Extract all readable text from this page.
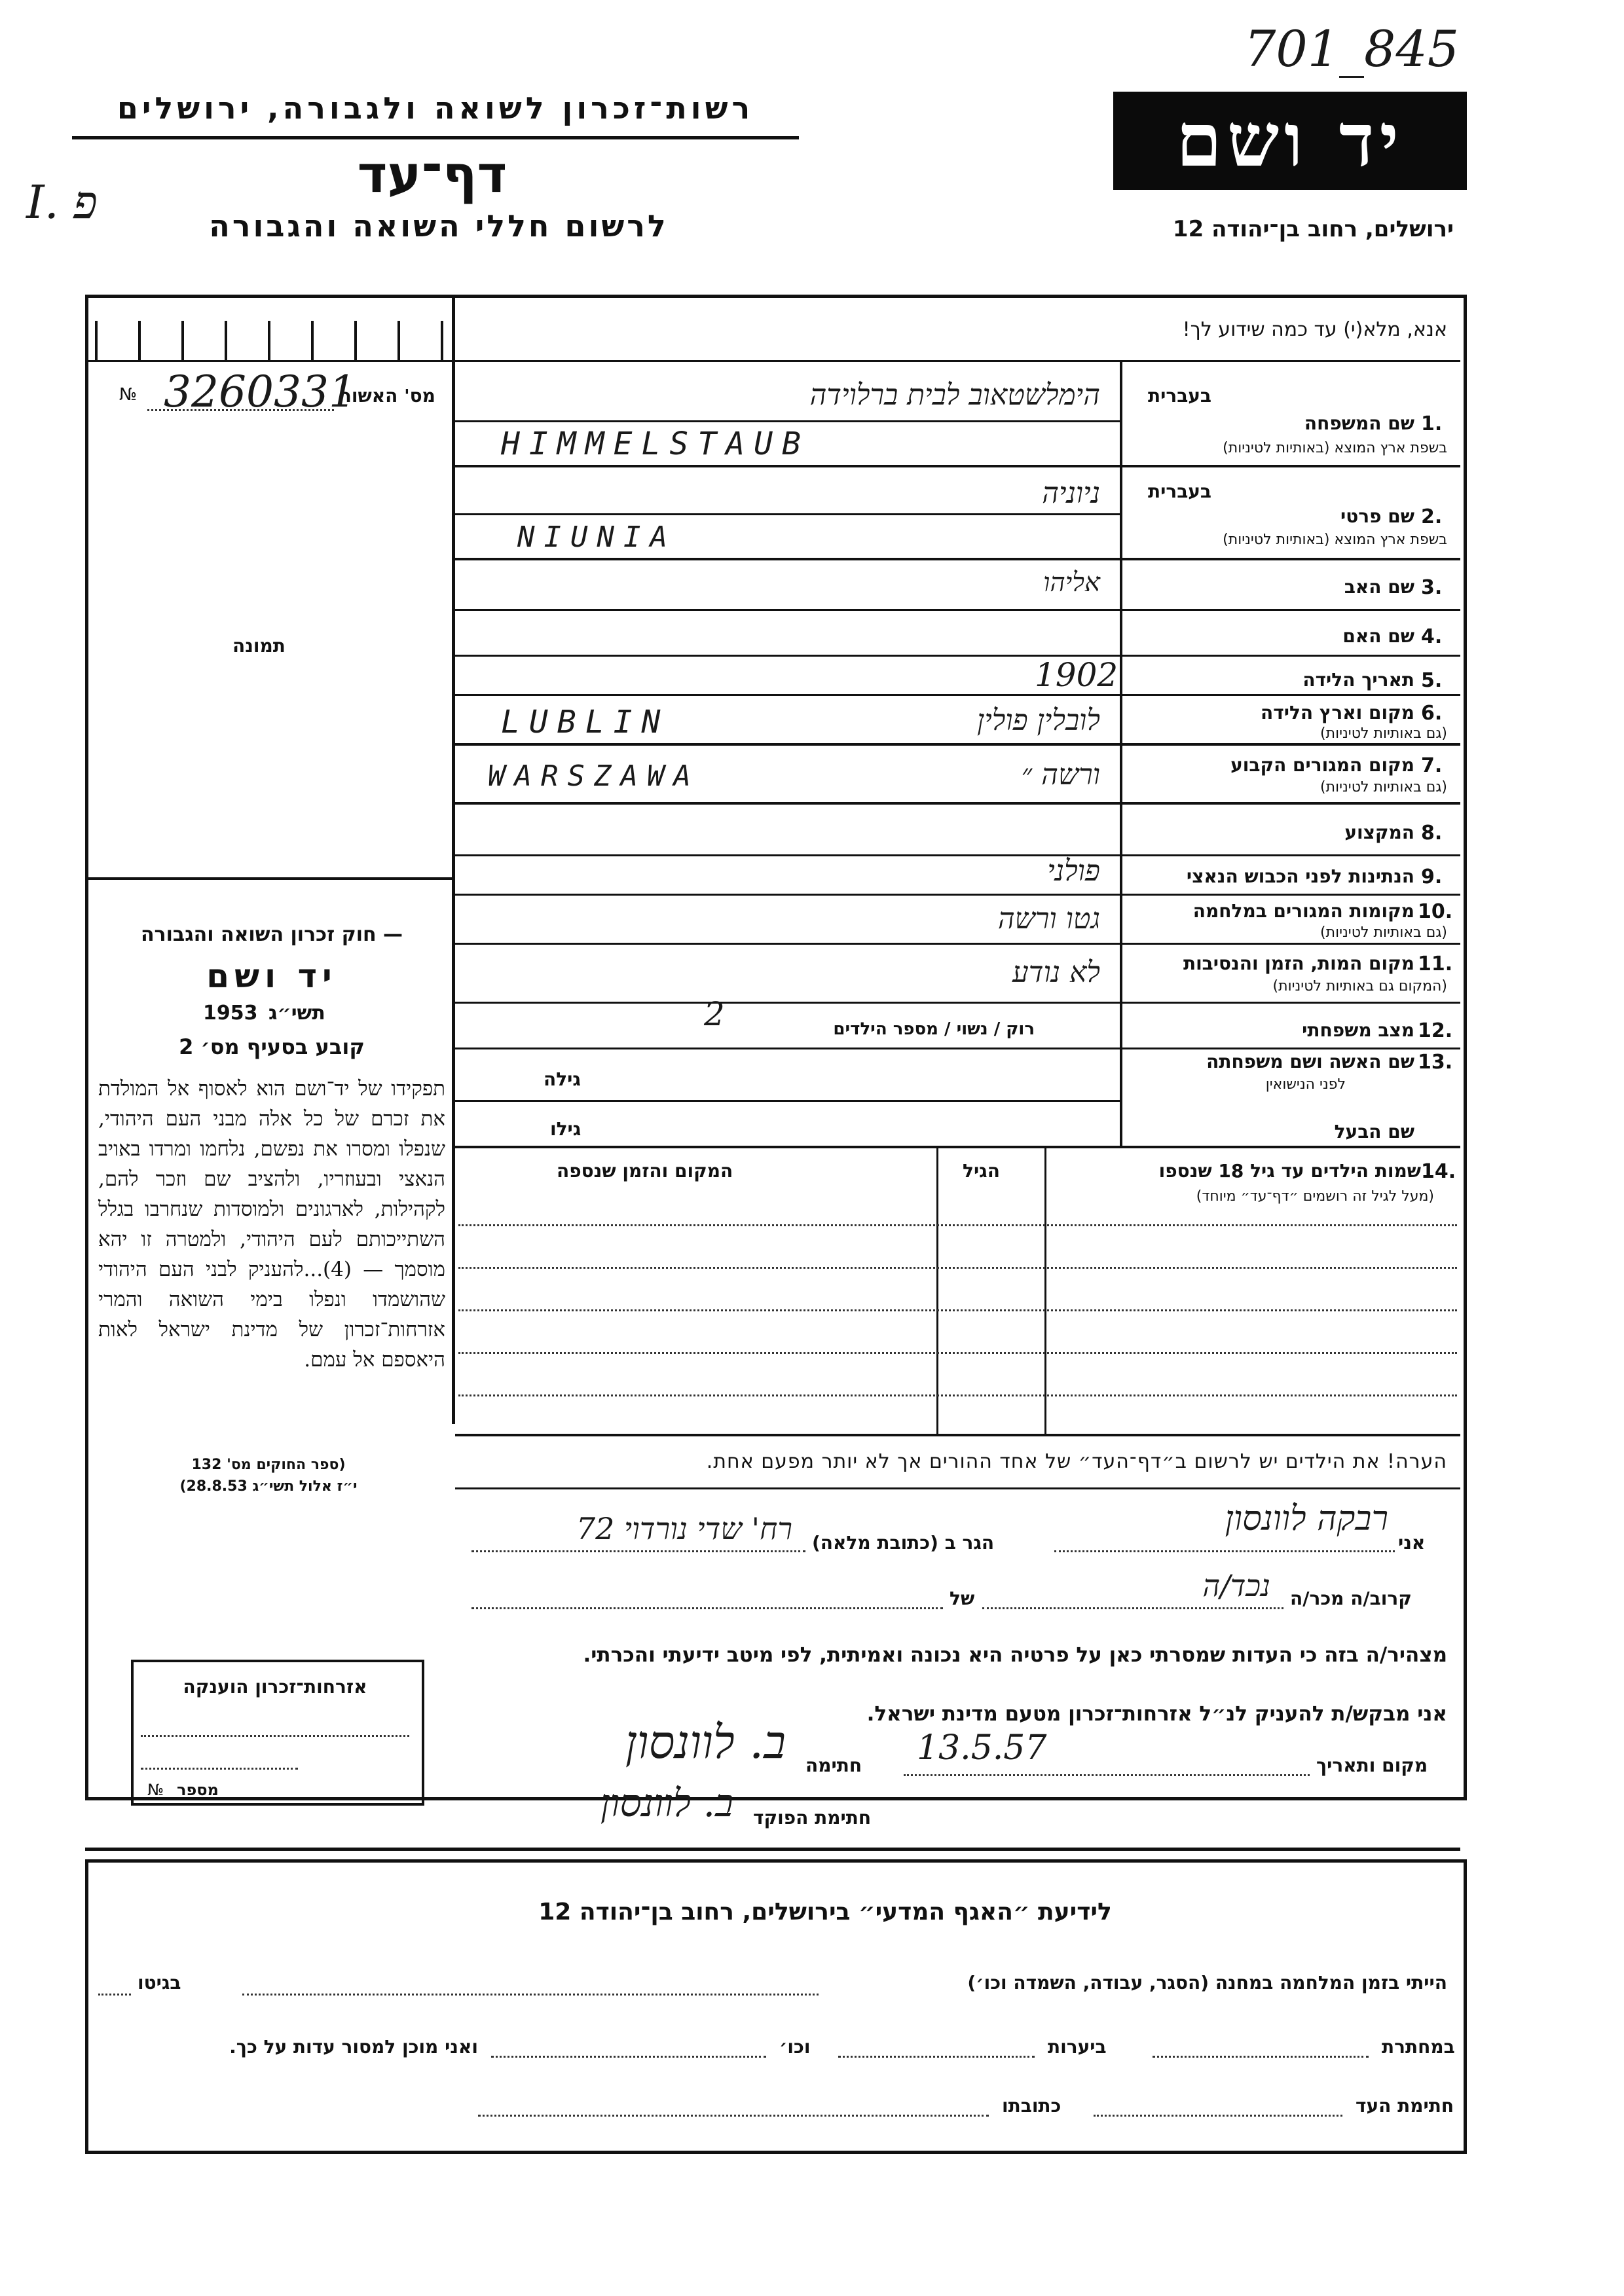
701_845
רשות־זכרון לשואה ולגבורה, ירושלים
דף־עד
לרשום חללי השואה והגבורה
פ .I
יד ושם
ירושלים, רחוב בן־יהודה 12
אנא, מלא(י) עד כמה שידוע לך!
מס' האשור
№ 3260331
תמונה
— חוק זכרון השואה והגבורה
יד ושם
1953 תשי״ג
קובע בסעיף מס׳ 2
תפקידו של יד־ושם הוא לאסוף אל המולדת את זכרם של כל אלה מבני העם היהודי, שנפלו ומסרו את נפשם, נלחמו ומרדו באויב הנאצי ובעוזריו, ולהציב שם וזכר להם, לקהילות, לארגונים ולמוסדות שנחרבו בגלל השתייכותם לעם היהודי, ולמטרה זו יהא מוסמך — (4)...להעניק לבני העם היהודי שהושמדו ונפלו בימי השואה והמרי אזרחות־זכרון של מדינת ישראל לאות היאספם אל עמם.
(ספר החוקים מס' 132
י״ז אלול תשי״ג 28.8.53)
אזרחות־זכרון הוענקה
מספר
№
בעברית
1.
שם המשפחה
בשפת ארץ המוצא (באותיות לטיניות)
הימלשטאוב לבית ברלוידה
HIMMELSTAUB
בעברית
2.
שם פרטי
בשפת ארץ המוצא (באותיות לטיניות)
ניוניה
NIUNIA
3.
שם האב
אליהו
4.
שם האם
5.
תאריך הלידה
1902
6.
מקום וארץ הלידה
(גם באותיות לטיניות)
לובלין פולין
LUBLIN
7.
מקום המגורים הקבוע
(גם באותיות לטיניות)
ורשה ״
WARSZAWA
8.
המקצוע
9.
הנתינות לפני הכבוש הנאצי
פולני
10.
מקומות המגורים במלחמה
(גם באותיות לטיניות)
גטו ורשה
11.
מקום המות, הזמן והנסיבות
(המקום גם באותיות לטיניות)
לא נודע
12.
מצב משפחתי
רוק / נשוי / מספר הילדים
2
13.
שם האשה ושם משפחתה
לפני הנישואין
גילה
שם הבעל
גילו
14.
שמות הילדים עד גיל 18 שנספו
(מעל לגיל זה רושמים ״דף־עד״ מיוחד)
הגיל
המקום והזמן שנספה
הערה! את הילדים יש לרשום ב״דף־העד״ של אחד ההורים אך לא יותר מפעם אחת.
אני
רבקה לוונסון
הגר ב (כתובת מלאה)
רח' שדי נורדוי 72
קרוב/ה מכר/ה
נכד/ה
של
מצהיר/ה בזה כי העדות שמסרתי כאן על פרטיה היא נכונה ואמיתית, לפי מיטב ידיעתי והכרתי.
אני מבקש/ת להעניק לנ״ל אזרחות־זכרון מטעם מדינת ישראל.
מקום ותאריך
13.5.57
חתימה
ב. לוונסון
חתימת הפוקד
ב. לוונסון
לידיעת ״האגף המדעי״ בירושלים, רחוב בן־יהודה 12
הייתי בזמן המלחמה במחנה (הסגר, עבודה, השמדה וכו׳)
בגיטו
במחתרת
ביערות
וכו׳
ואני מוכן למסור עדות על כך.
חתימת העד
כתובתו
